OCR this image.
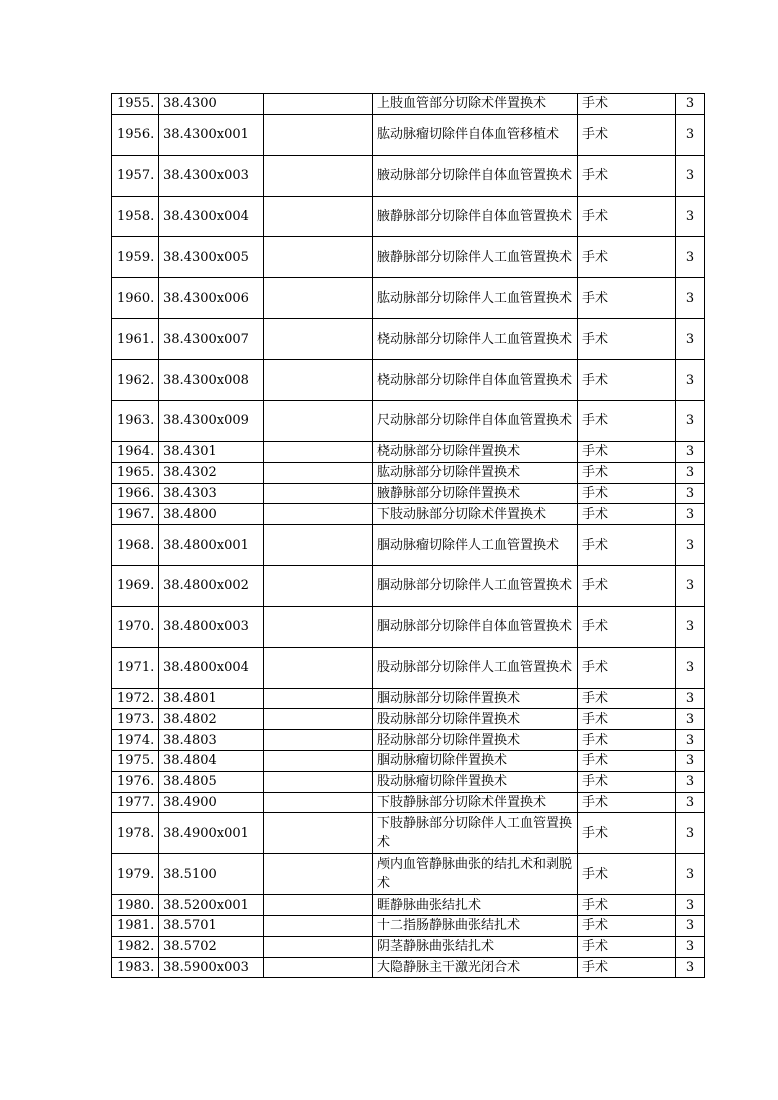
1955.	38.4300		上肢血管部分切除术伴置换术	手术	3
1956.	38.4300x001		肱动脉瘤切除伴自体血管移植术	手术	3
1957.	38.4300x003		腋动脉部分切除伴自体血管置换术	手术	3
1958.	38.4300x004		腋静脉部分切除伴自体血管置换术	手术	3
1959.	38.4300x005		腋静脉部分切除伴人工血管置换术	手术	3
1960.	38.4300x006		肱动脉部分切除伴人工血管置换术	手术	3
1961.	38.4300x007		桡动脉部分切除伴人工血管置换术	手术	3
1962.	38.4300x008		桡动脉部分切除伴自体血管置换术	手术	3
1963.	38.4300x009		尺动脉部分切除伴自体血管置换术	手术	3
1964.	38.4301		桡动脉部分切除伴置换术	手术	3
1965.	38.4302		肱动脉部分切除伴置换术	手术	3
1966.	38.4303		腋静脉部分切除伴置换术	手术	3
1967.	38.4800		下肢动脉部分切除术伴置换术	手术	3
1968.	38.4800x001		腘动脉瘤切除伴人工血管置换术	手术	3
1969.	38.4800x002		腘动脉部分切除伴人工血管置换术	手术	3
1970.	38.4800x003		腘动脉部分切除伴自体血管置换术	手术	3
1971.	38.4800x004		股动脉部分切除伴人工血管置换术	手术	3
1972.	38.4801		腘动脉部分切除伴置换术	手术	3
1973.	38.4802		股动脉部分切除伴置换术	手术	3
1974.	38.4803		胫动脉部分切除伴置换术	手术	3
1975.	38.4804		腘动脉瘤切除伴置换术	手术	3
1976.	38.4805		股动脉瘤切除伴置换术	手术	3
1977.	38.4900		下肢静脉部分切除术伴置换术	手术	3
1978.	38.4900x001		下肢静脉部分切除伴人工血管置换术	手术	3
1979.	38.5100		颅内血管静脉曲张的结扎术和剥脱术	手术	3
1980.	38.5200x001		睚静脉曲张结扎术	手术	3
1981.	38.5701		十二指肠静脉曲张结扎术	手术	3
1982.	38.5702		阴茎静脉曲张结扎术	手术	3
1983.	38.5900x003		大隐静脉主干激光闭合术	手术	3
